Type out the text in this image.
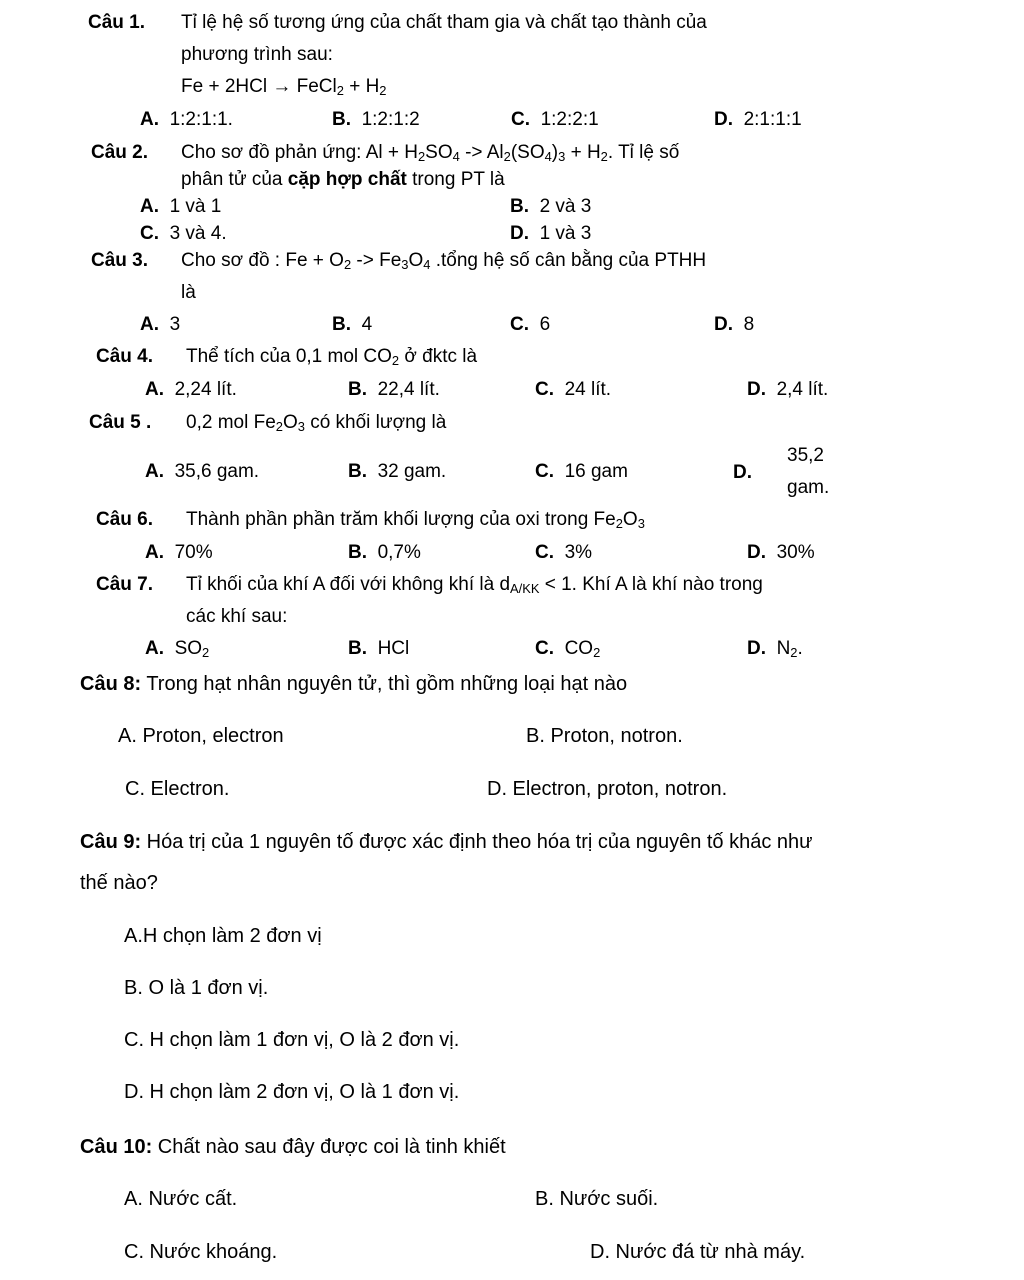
Câu 1. Tỉ lệ hệ số tương ứng của chất tham gia và chất tạo thành của
phương trình sau:
Fe + 2HCl → FeCl$_2$ + $H_2$
A. 1:2:1:1.	B. 1:2:1:2	C. 1:2:2:1	D. 2:1:1:1
Câu 2. Cho sơ đồ phản ứng: $Al + H_2SO_4 -> Al_2(SO_4)_3 + H_2$. Tỉ lệ số
phân tử của cặp hợp chất trong PT là
A. 1 và 1	B. 2 và 3
C. 3 và 4.	D. 1 và 3
Câu 3. Cho sơ đồ : $Fe + O_2 -> Fe_3O_4$ .tổng hệ số cân bằng của PTHH
là
A. 3	B. 4	C. 6	D. 8
Câu 4. Thể tích của 0,1 mol $CO_2$ ở đktc là
A. 2,24 lít.	B. 22,4 lít.	C. 24 lít.	D. 2,4 lít.
Câu 5 . 0,2 mol $Fe_2O_3$ có khối lượng là
A. 35,6 gam.	B. 32 gam.	C. 16 gam	D.
35,2
gam.
Câu 6. Thành phần phần trăm khối lượng của oxi trong $Fe_2O_3$
A. 70%	B. 0,7%	C. 3%	D. 30%
Câu 7. Tỉ khối của khí A đối với không khí là $d_{A/KK} < 1$. Khí A là khí nào trong
các khí sau:
A. $SO_2$	B. HCl	C. $CO_2$	D. $N_2$.
Câu 8: Trong hạt nhân nguyên tử, thì gồm những loại hạt nào
A. Proton, electron	B. Proton, notron.
C. Electron.	D. Electron, proton, notron.
Câu 9: Hóa trị của 1 nguyên tố được xác định theo hóa trị của nguyên tố khác như
thế nào?
A.H chọn làm 2 đơn vị
B. O là 1 đơn vị.
C. H chọn làm 1 đơn vị, O là 2 đơn vị.
D. H chọn làm 2 đơn vị, O là 1 đơn vị.
Câu 10: Chất nào sau đây được coi là tinh khiết
A. Nước cất.	B. Nước suối.
C. Nước khoáng.	D. Nước đá từ nhà máy.
